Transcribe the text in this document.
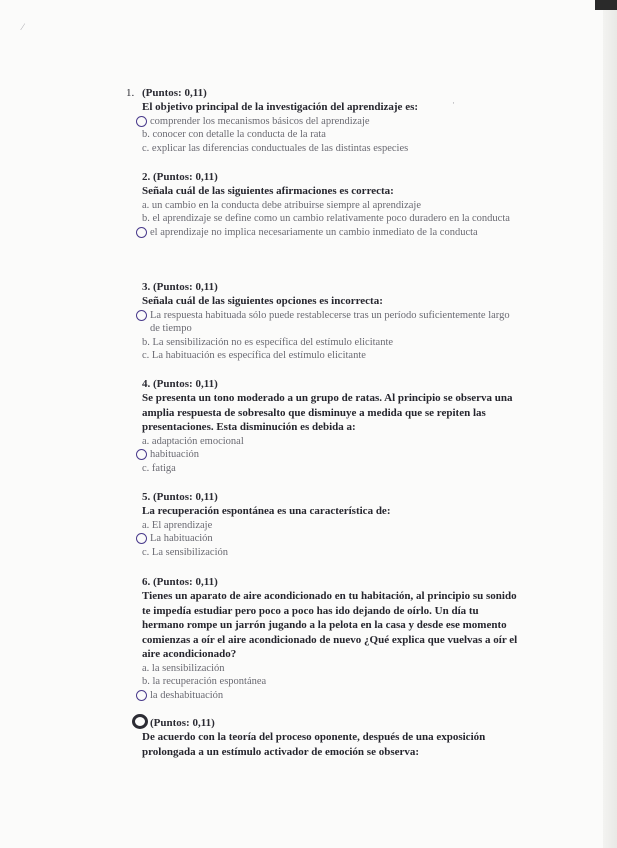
⁄
·

1. (Puntos: 0,11)

El objetivo principal de la investigación del aprendizaje es:

comprender los mecanismos básicos del aprendizaje

b. conocer con detalle la conducta de la rata

c. explicar las diferencias conductuales de las distintas especies

2. (Puntos: 0,11)

Señala cuál de las siguientes afirmaciones es correcta:

a. un cambio en la conducta debe atribuirse siempre al aprendizaje

b. el aprendizaje se define como un cambio relativamente poco duradero en la conducta

el aprendizaje no implica necesariamente un cambio inmediato de la conducta

3. (Puntos: 0,11)

Señala cuál de las siguientes opciones es incorrecta:

La respuesta habituada sólo puede restablecerse tras un período suficientemente largo de tiempo

b. La sensibilización no es específica del estímulo elicitante

c. La habituación es específica del estímulo elicitante

4. (Puntos: 0,11)

Se presenta un tono moderado a un grupo de ratas. Al principio se observa una amplia respuesta de sobresalto que disminuye a medida que se repiten las presentaciones. Esta disminución es debida a:

a. adaptación emocional

habituación

c. fatiga

5. (Puntos: 0,11)

La recuperación espontánea es una característica de:

a. El aprendizaje

La habituación

c. La sensibilización

6. (Puntos: 0,11)

Tienes un aparato de aire acondicionado en tu habitación, al principio su sonido te impedía estudiar pero poco a poco has ido dejando de oírlo. Un día tu hermano rompe un jarrón jugando a la pelota en la casa y desde ese momento comienzas a oír el aire acondicionado de nuevo ¿Qué explica que vuelvas a oír el aire acondicionado?

a. la sensibilización

b. la recuperación espontánea

la deshabituación

(Puntos: 0,11)

De acuerdo con la teoría del proceso oponente, después de una exposición prolongada a un estímulo activador de emoción se observa:
